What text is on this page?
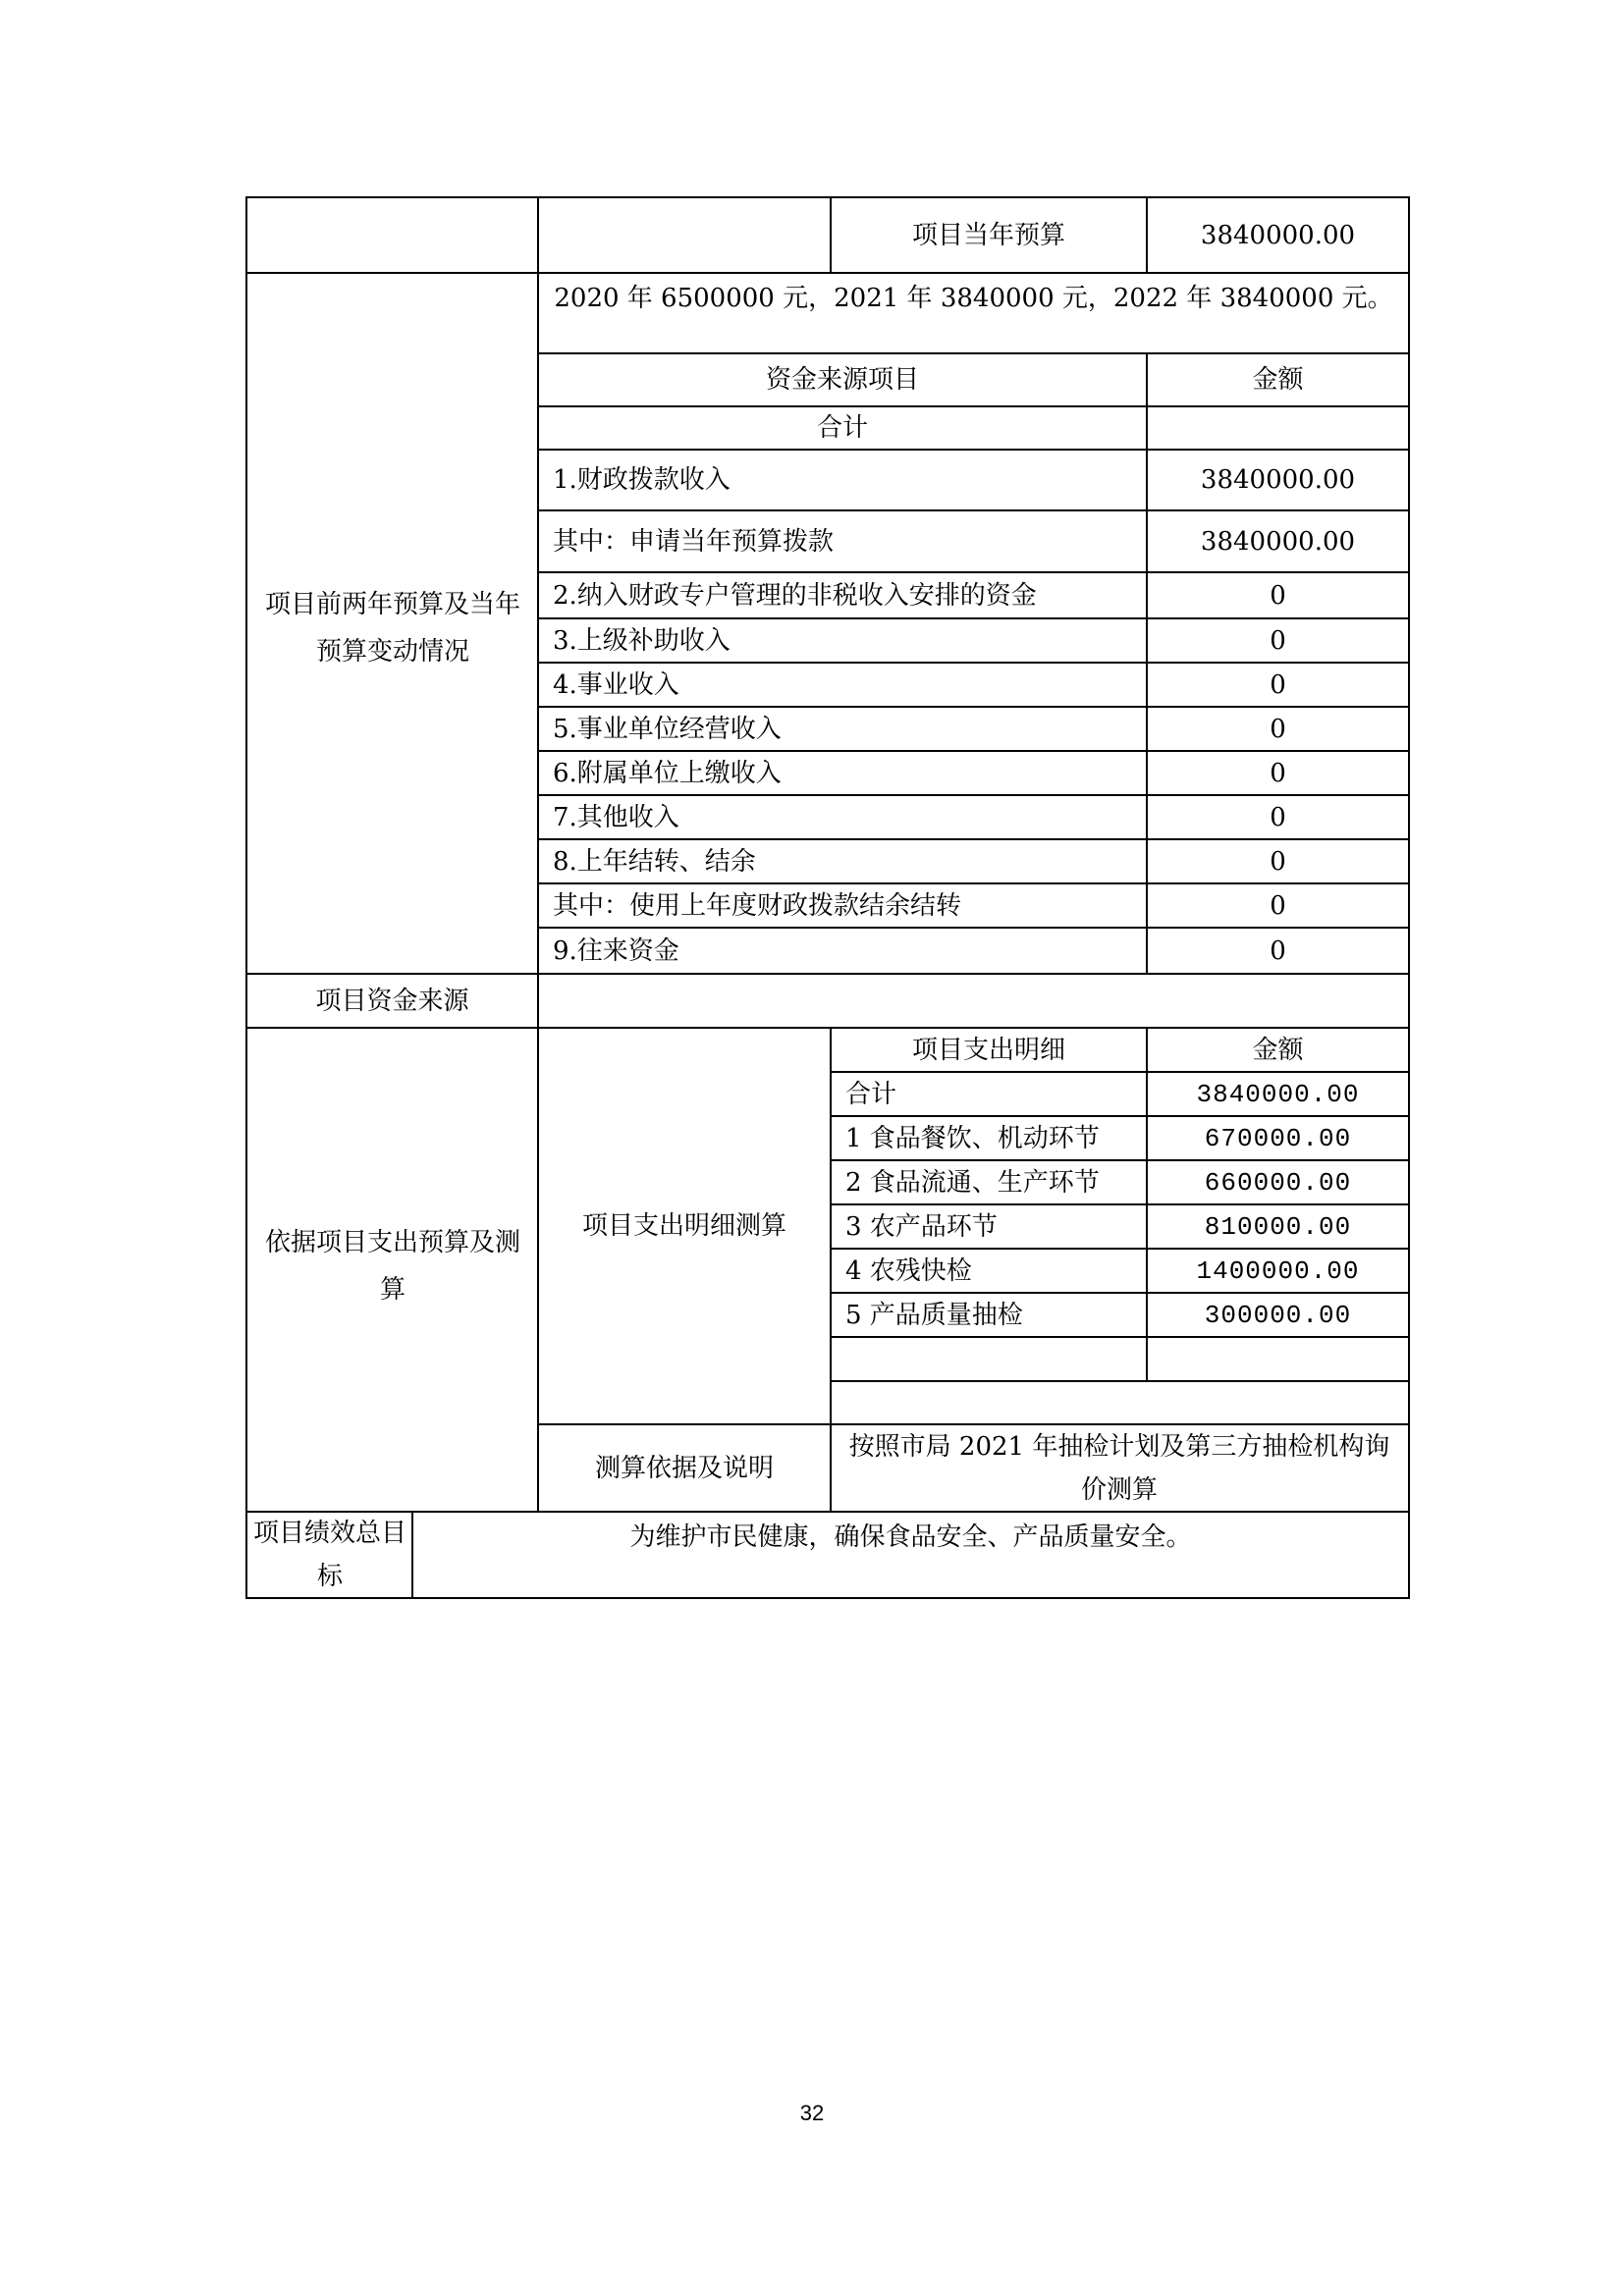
项目当年预算	3840000.00
项目前两年预算及当年预算变动情况
2020 年 6500000 元，2021 年 3840000 元，2022 年 3840000 元。
资金来源项目	金额
合计
1.财政拨款收入	3840000.00
其中：申请当年预算拨款	3840000.00
2.纳入财政专户管理的非税收入安排的资金	0
3.上级补助收入	0
4.事业收入	0
5.事业单位经营收入	0
6.附属单位上缴收入	0
7.其他收入	0
8.上年结转、结余	0
其中：使用上年度财政拨款结余结转	0
9.往来资金	0
项目资金来源
依据项目支出预算及测算
项目支出明细测算
项目支出明细	金额
合计	3840000.00
1 食品餐饮、机动环节	670000.00
2 食品流通、生产环节	660000.00
3 农产品环节	810000.00
4 农残快检	1400000.00
5 产品质量抽检	300000.00
测算依据及说明
按照市局 2021 年抽检计划及第三方抽检机构询价测算
项目绩效总目标
为维护市民健康，确保食品安全、产品质量安全。
32
